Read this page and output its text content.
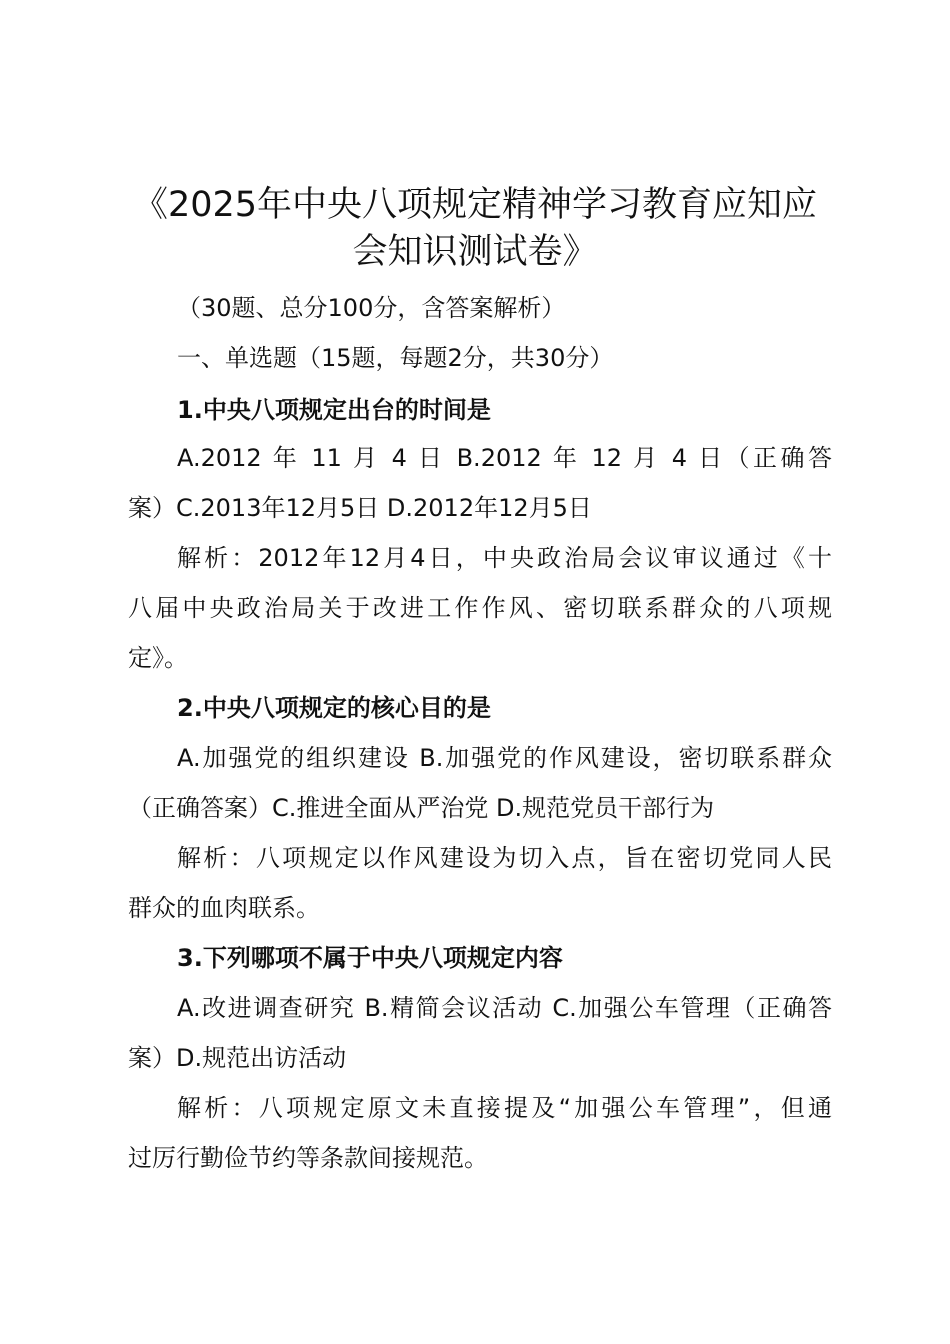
《2025年中央八项规定精神学习教育应知应
会知识测试卷》

（30题、总分100分，含答案解析）

一、单选题（15题，每题2分，共30分）

1.中央八项规定出台的时间是

A.2012 年 11 月 4 日 B.2012 年 12 月 4 日（正确答

案）C.2013年12月5日 D.2012年12月5日

解析：2012年12月4日，中央政治局会议审议通过《十

八届中央政治局关于改进工作作风、密切联系群众的八项规

定》。

2.中央八项规定的核心目的是

A.加强党的组织建设 B.加强党的作风建设，密切联系群众

（正确答案）C.推进全面从严治党 D.规范党员干部行为

解析：八项规定以作风建设为切入点，旨在密切党同人民

群众的血肉联系。

3.下列哪项不属于中央八项规定内容

A.改进调查研究 B.精简会议活动 C.加强公车管理（正确答

案）D.规范出访活动

解析：八项规定原文未直接提及“加强公车管理”，但通

过厉行勤俭节约等条款间接规范。
